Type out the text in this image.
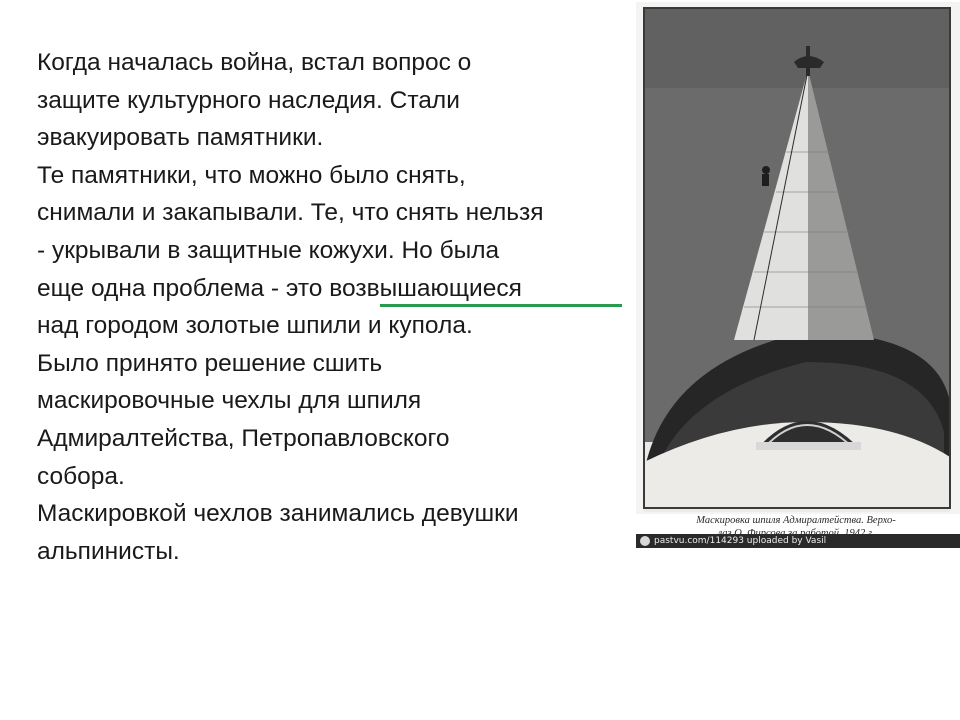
Когда началась война, встал вопрос о
защите культурного наследия. Стали
эвакуировать памятники.
Те памятники, что можно было снять,
снимали и закапывали. Те, что снять нельзя
- укрывали в защитные кожухи. Но была
еще одна проблема - это возвышающиеся
над городом золотые шпили и купола.
Было принято решение сшить
маскировочные чехлы для шпиля
Адмиралтейства, Петропавловского
собора.
Маскировкой чехлов занимались девушки
альпинисты.
Маскировка шпиля Адмиралтейства. Верхо-
pastvu.com/114293 uploaded by Vasil
